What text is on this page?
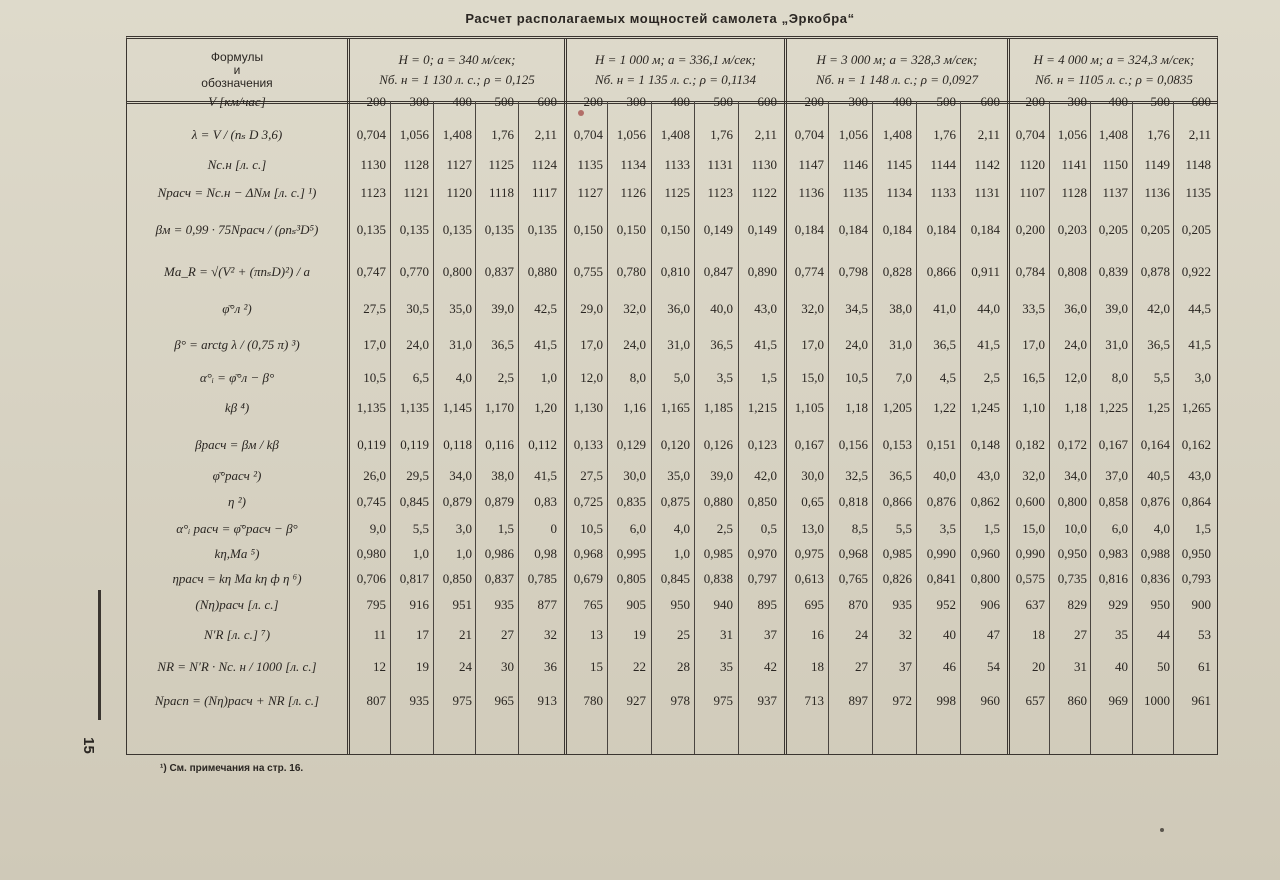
Расчет располагаемых мощностей самолета „Эркобра“
Формулы
и
обозначения
H = 0; a = 340 м/сек;
Nб. н = 1 130 л. с.; ρ = 0,125
H = 1 000 м; a = 336,1 м/сек;
Nб. н = 1 135 л. с.; ρ = 0,1134
H = 3 000 м; a = 328,3 м/сек;
Nб. н = 1 148 л. с.; ρ = 0,0927
H = 4 000 м; a = 324,3 м/сек;
Nб. н = 1105 л. с.; ρ = 0,0835
V [км/час]	200	300	400	500	600	200	300	400	500	600	200	300	400	500	600	200	300	400	500	600
λ = V / (nₛ D 3,6)	0,704	1,056	1,408	1,76	2,11	0,704	1,056	1,408	1,76	2,11	0,704	1,056	1,408	1,76	2,11	0,704 1,056 1,408	1,76	2,11
Nс.н [л. с.]	1130	1128	1127	1125	1124	1135	1134	1133	1131	1130	1147	1146	1145	1144	1142	1120	1141	1150	1149	1148
Nрасч = Nс.н − ΔNм [л. с.] ¹)	1123	1121	1120	1118	1117	1127	1126	1125	1123	1122	1136	1135	1134	1133	1131	1107	1128	1137	1136	1135
βм = 0,99 · 75Nрасч / (ρnₛ³D⁵)	0,135	0,135	0,135 0,135	0,135	0,150	0,150	0,150	0,149	0,149	0,184	0,184	0,184	0,184	0,184	0,200 0,203 0,205 0,205 0,205
Ma_R = √(V² + (πnₛD)²) / a	0,747	0,770	0,800 0,837	0,880	0,755	0,780	0,810	0,847	0,890	0,774	0,798	0,828	0,866	0,911	0,784 0,808 0,839 0,878 0,922
φ̄°л ²)	27,5	30,5	35,0	39,0	42,5	29,0	32,0	36,0	40,0	43,0	32,0	34,5	38,0	41,0	44,0	33,5	36,0	39,0	42,0	44,5
β° = arctg λ / (0,75 π) ³)	17,0	24,0	31,0	36,5	41,5	17,0	24,0	31,0	36,5	41,5	17,0	24,0	31,0	36,5	41,5	17,0	24,0	31,0	36,5	41,5
α°ᵢ = φ̄°л − β°	10,5	6,5	4,0	2,5	1,0	12,0	8,0	5,0	3,5	1,5	15,0	10,5	7,0	4,5	2,5	16,5	12,0	8,0	5,5	3,0
kβ ⁴)	1,135	1,135	1,145 1,170	1,20	1,130	1,16	1,165	1,185	1,215	1,105	1,18	1,205	1,22	1,245	1,10	1,18 1,225	1,25 1,265
βрасч = βм / kβ	0,119	0,119	0,118	0,116	0,112	0,133	0,129	0,120	0,126	0,123	0,167	0,156	0,153	0,151	0,148	0,182 0,172 0,167 0,164 0,162
φ̄°расч ²)	26,0	29,5	34,0	38,0	41,5	27,5	30,0	35,0	39,0	42,0	30,0	32,5	36,5	40,0	43,0	32,0	34,0	37,0	40,5	43,0
η ²)	0,745	0,845	0,879 0,879	0,83	0,725	0,835	0,875	0,880	0,850	0,65	0,818	0,866	0,876	0,862	0,600 0,800 0,858 0,876 0,864
α°ᵢ расч = φ̄°расч − β°	9,0	5,5	3,0	1,5	0	10,5	6,0	4,0	2,5	0,5	13,0	8,5	5,5	3,5	1,5	15,0	10,0	6,0	4,0	1,5
kη,Ma ⁵)	0,980	1,0	1,0 0,986	0,98	0,968	0,995	1,0	0,985	0,970	0,975	0,968	0,985	0,990	0,960	0,990 0,950 0,983 0,988 0,950
ηрасч = kη Ma kη ф η ⁶)	0,706	0,817	0,850 0,837	0,785	0,679	0,805	0,845	0,838	0,797	0,613	0,765	0,826	0,841	0,800	0,575 0,735 0,816 0,836 0,793
(Nη)расч [л. с.]	795	916	951	935	877	765	905	950	940	895	695	870	935	952	906	637	829	929	950	900
N′R [л. с.] ⁷)	11	17	21	27	32	13	19	25	31	37	16	24	32	40	47	18	27	35	44	53
NR = N′R · Nс. н / 1000 [л. с.]	12	19	24	30	36	15	22	28	35	42	18	27	37	46	54	20	31	40	50	61
Nрасп = (Nη)расч + NR [л. с.]	807	935	975	965	913	780	927	978	975	937	713	897	972	998	960	657	860	969	1000	961
15
¹) См. примечания на стр. 16.
